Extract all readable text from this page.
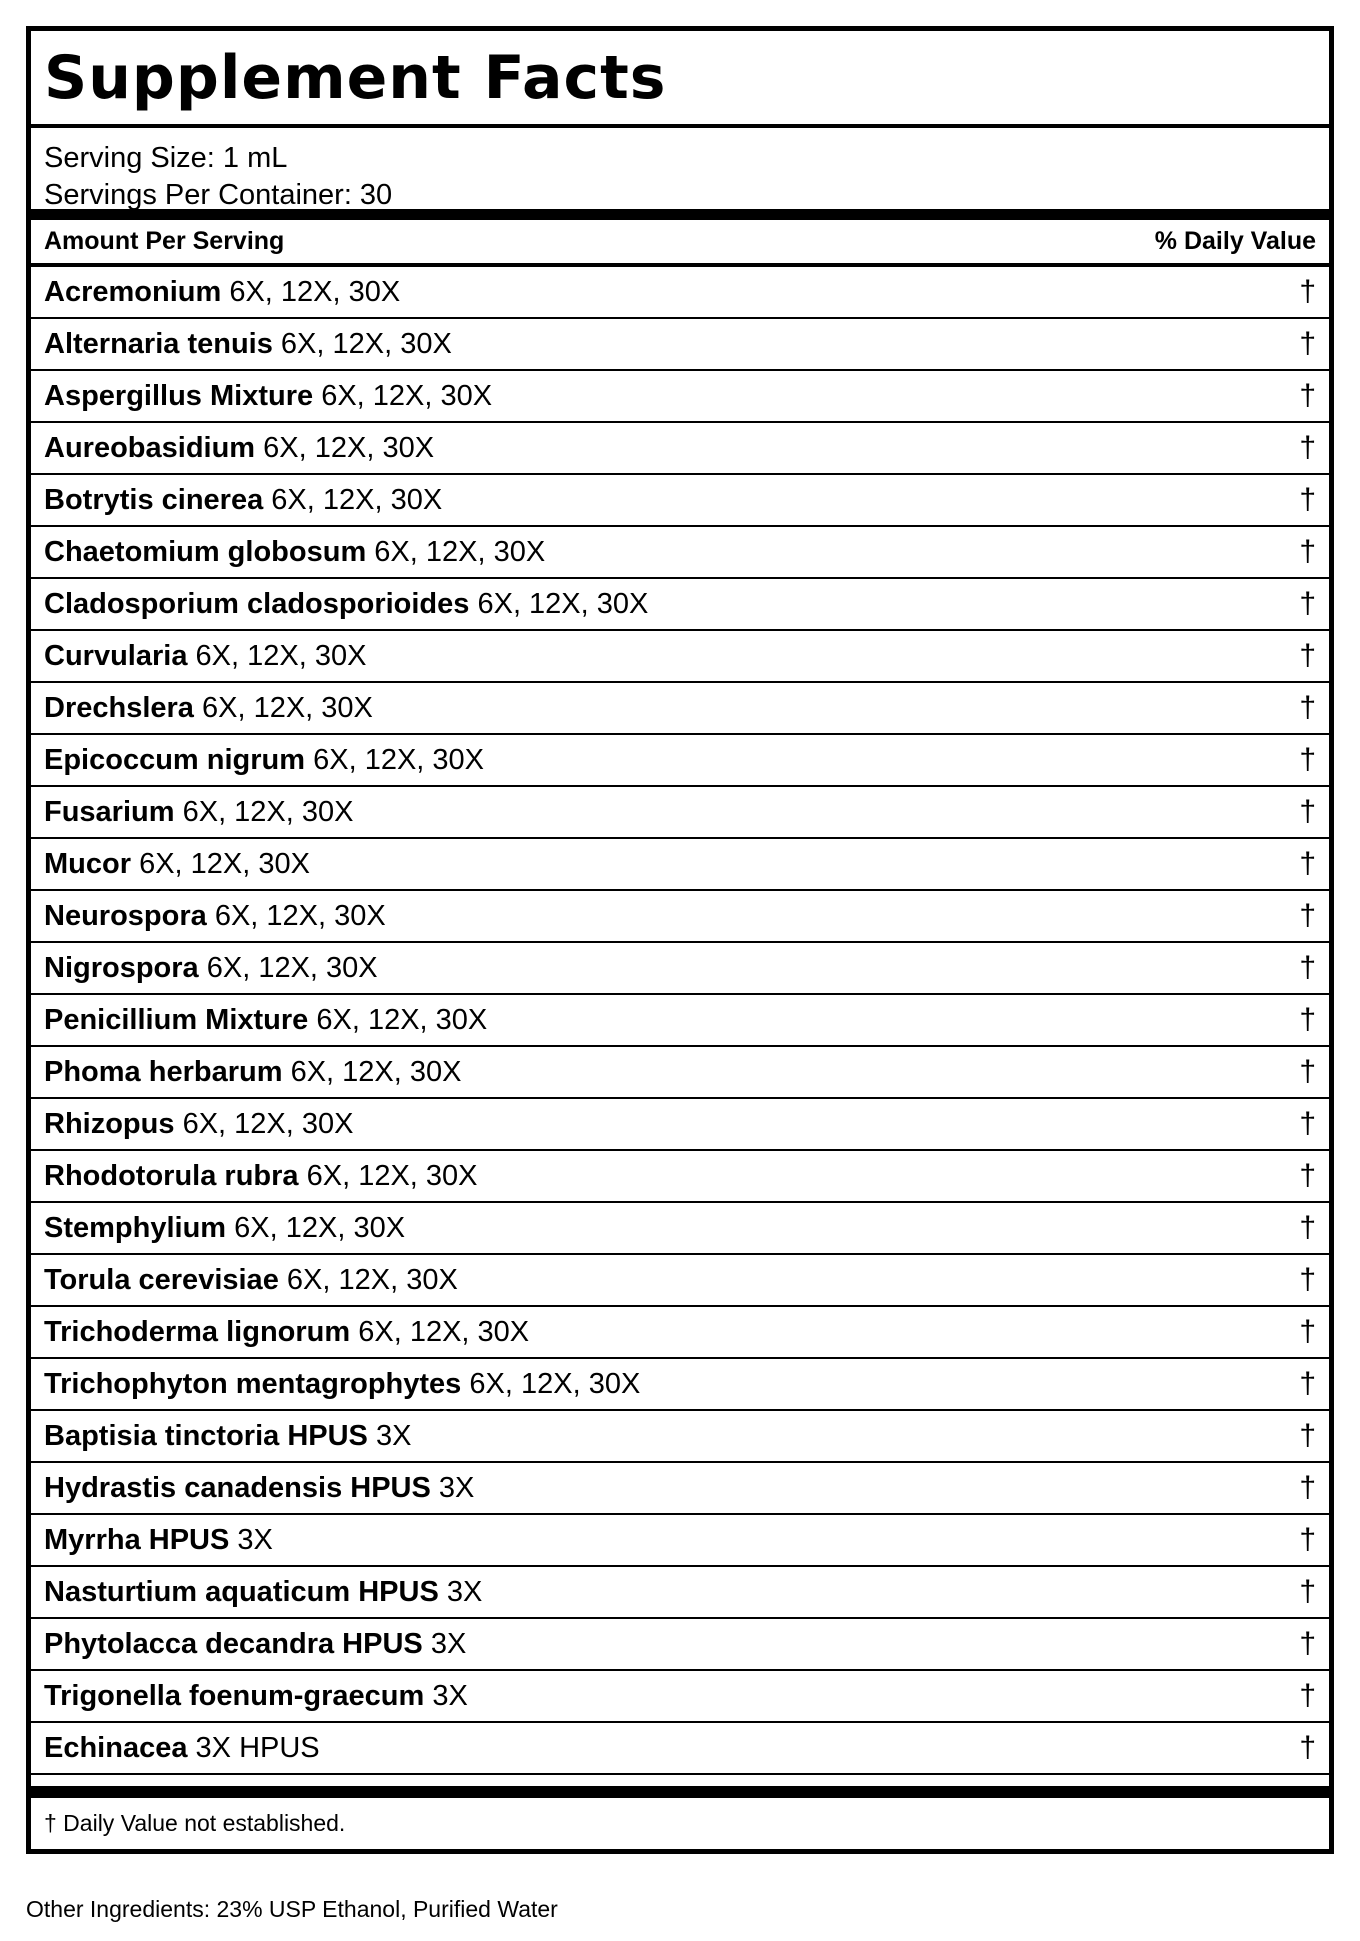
Supplement Facts
Serving Size: 1 mL
Servings Per Container: 30
Amount Per Serving	% Daily Value
Acremonium 6X, 12X, 30X	†
Alternaria tenuis 6X, 12X, 30X	†
Aspergillus Mixture 6X, 12X, 30X	†
Aureobasidium 6X, 12X, 30X	†
Botrytis cinerea 6X, 12X, 30X	†
Chaetomium globosum 6X, 12X, 30X	†
Cladosporium cladosporioides 6X, 12X, 30X	†
Curvularia 6X, 12X, 30X	†
Drechslera 6X, 12X, 30X	†
Epicoccum nigrum 6X, 12X, 30X	†
Fusarium 6X, 12X, 30X	†
Mucor 6X, 12X, 30X	†
Neurospora 6X, 12X, 30X	†
Nigrospora 6X, 12X, 30X	†
Penicillium Mixture 6X, 12X, 30X	†
Phoma herbarum 6X, 12X, 30X	†
Rhizopus 6X, 12X, 30X	†
Rhodotorula rubra 6X, 12X, 30X	†
Stemphylium 6X, 12X, 30X	†
Torula cerevisiae 6X, 12X, 30X	†
Trichoderma lignorum 6X, 12X, 30X	†
Trichophyton mentagrophytes 6X, 12X, 30X	†
Baptisia tinctoria HPUS 3X	†
Hydrastis canadensis HPUS 3X	†
Myrrha HPUS 3X	†
Nasturtium aquaticum HPUS 3X	†
Phytolacca decandra HPUS 3X	†
Trigonella foenum-graecum 3X	†
Echinacea 3X HPUS	†
† Daily Value not established.
Other Ingredients: 23% USP Ethanol, Purified Water
